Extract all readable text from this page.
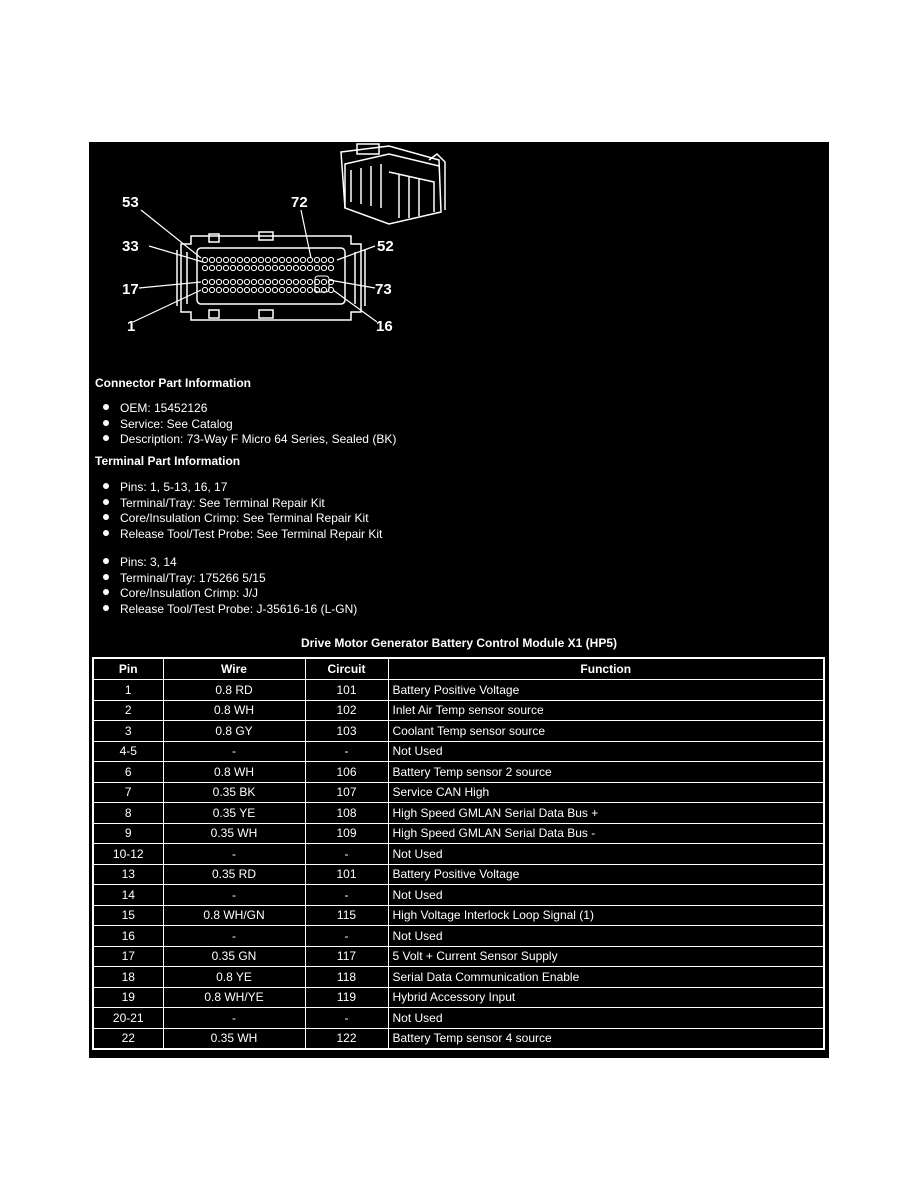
53	72
33	52
17	73
1	16
Connector Part Information
OEM: 15452126
Service: See Catalog
Description: 73-Way F Micro 64 Series, Sealed (BK)
Terminal Part Information
Pins: 1, 5-13, 16, 17
Terminal/Tray: See Terminal Repair Kit
Core/Insulation Crimp: See Terminal Repair Kit
Release Tool/Test Probe: See Terminal Repair Kit
Pins: 3, 14
Terminal/Tray: 175266 5/15
Core/Insulation Crimp: J/J
Release Tool/Test Probe: J-35616-16 (L-GN)
Drive Motor Generator Battery Control Module X1 (HP5)
Pin	Wire	Circuit	Function
1	0.8 RD	101	Battery Positive Voltage
2	0.8 WH	102	Inlet Air Temp sensor source
3	0.8 GY	103	Coolant Temp sensor source
4-5	-	-	Not Used
6	0.8 WH	106	Battery Temp sensor 2 source
7	0.35 BK	107	Service CAN High
8	0.35 YE	108	High Speed GMLAN Serial Data Bus +
9	0.35 WH	109	High Speed GMLAN Serial Data Bus -
10-12	-	-	Not Used
13	0.35 RD	101	Battery Positive Voltage
14	-	-	Not Used
15	0.8 WH/GN	115	High Voltage Interlock Loop Signal (1)
16	-	-	Not Used
17	0.35 GN	117	5 Volt + Current Sensor Supply
18	0.8 YE	118	Serial Data Communication Enable
19	0.8 WH/YE	119	Hybrid Accessory Input
20-21	-	-	Not Used
22	0.35 WH	122	Battery Temp sensor 4 source
